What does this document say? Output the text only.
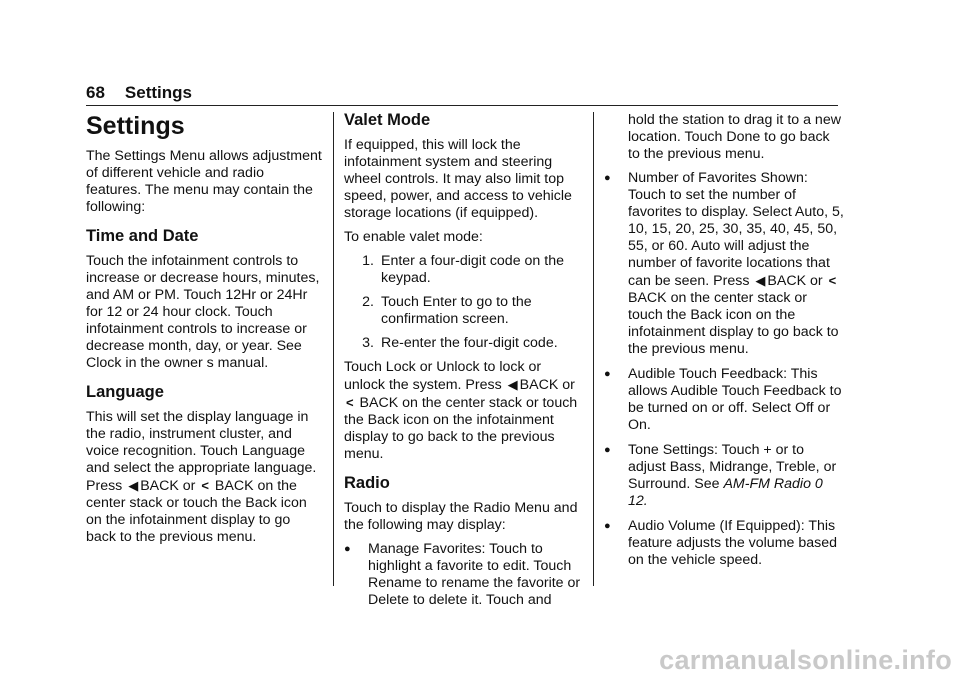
68 Settings
Settings

The Settings Menu allows adjustment of different vehicle and radio features. The menu may contain the following:

Time and Date

Touch the infotainment controls to increase or decrease hours, minutes, and AM or PM. Touch 12Hr or 24Hr for 12 or 24 hour clock. Touch infotainment controls to increase or decrease month, day, or year. See Clock in the owner s manual.

Language

This will set the display language in the radio, instrument cluster, and voice recognition. Touch Language and select the appropriate language. Press ◀ BACK or < BACK on the center stack or touch the Back icon on the infotainment display to go back to the previous menu.

Valet Mode

If equipped, this will lock the infotainment system and steering wheel controls. It may also limit top speed, power, and access to vehicle storage locations (if equipped).

To enable valet mode:

1. Enter a four-digit code on the keypad.
2. Touch Enter to go to the confirmation screen.
3. Re-enter the four-digit code.

Touch Lock or Unlock to lock or unlock the system. Press ◀ BACK or < BACK on the center stack or touch the Back icon on the infotainment display to go back to the previous menu.

Radio

Touch to display the Radio Menu and the following may display:

●	Manage Favorites: Touch to highlight a favorite to edit. Touch Rename to rename the favorite or Delete to delete it. Touch and

hold the station to drag it to a new location. Touch Done to go back to the previous menu.

●	Number of Favorites Shown: Touch to set the number of favorites to display. Select Auto, 5, 10, 15, 20, 25, 30, 35, 40, 45, 50, 55, or 60. Auto will adjust the number of favorite locations that can be seen. Press ◀ BACK or < BACK on the center stack or touch the Back icon on the infotainment display to go back to the previous menu.
●	Audible Touch Feedback: This allows Audible Touch Feedback to be turned on or off. Select Off or On.
●	Tone Settings: Touch + or to adjust Bass, Midrange, Treble, or Surround. See AM-FM Radio 0 12.
●	Audio Volume (If Equipped): This feature adjusts the volume based on the vehicle speed.
carmanualsonline.info
